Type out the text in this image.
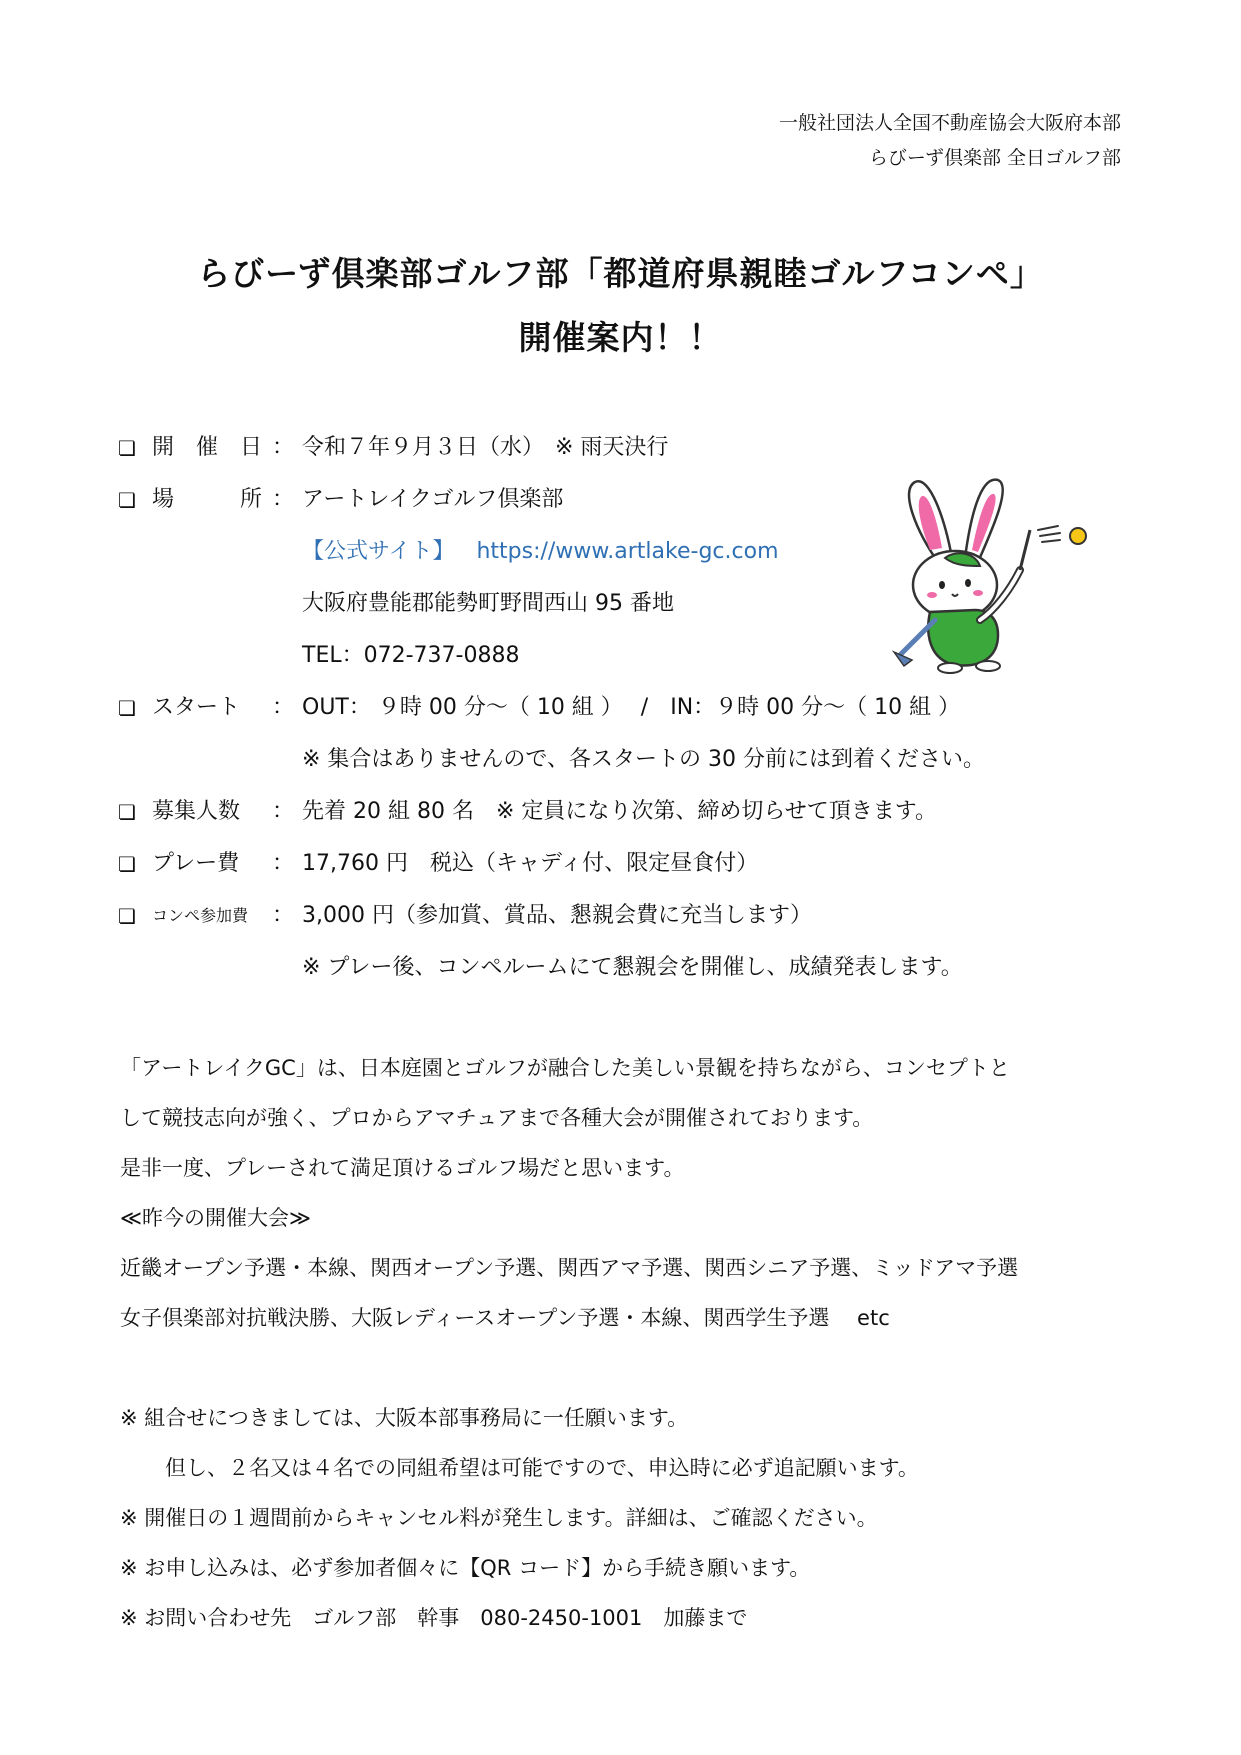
一般社団法人全国不動産協会大阪府本部
らびーず倶楽部 全日ゴルフ部
らびーず倶楽部ゴルフ部「都道府県親睦ゴルフコンペ」
開催案内！！
❏ 開　催　日 ： 令和７年９月３日（水）　※ 雨天決行
❏ 場　　　所 ： アートレイクゴルフ倶楽部
【公式サイト】 https://www.artlake-gc.com
大阪府豊能郡能勢町野間西山 95 番地
TEL：072-737-0888
❏ スタート ： OUT： ９時 00 分～（ 10 組 ）　 /　IN：９時 00 分～（ 10 組 ）
※ 集合はありませんので、各スタートの 30 分前には到着ください。
❏ 募集人数 ： 先着 20 組 80 名　※ 定員になり次第、締め切らせて頂きます。
❏ プレー費 ： 17,760 円　税込（キャディ付、限定昼食付）
❏ コンペ参加費 ： 3,000 円（参加賞、賞品、懇親会費に充当します）
※ プレー後、コンペルームにて懇親会を開催し、成績発表します。
「アートレイクGC」は、日本庭園とゴルフが融合した美しい景観を持ちながら、コンセプトと
して競技志向が強く、プロからアマチュアまで各種大会が開催されております。
是非一度、プレーされて満足頂けるゴルフ場だと思います。
≪昨今の開催大会≫
近畿オープン予選・本線、関西オープン予選、関西アマ予選、関西シニア予選、ミッドアマ予選
女子倶楽部対抗戦決勝、大阪レディースオープン予選・本線、関西学生予選　 etc
※ 組合せにつきましては、大阪本部事務局に一任願います。
但し、２名又は４名での同組希望は可能ですので、申込時に必ず追記願います。
※ 開催日の１週間前からキャンセル料が発生します。詳細は、ご確認ください。
※ お申し込みは、必ず参加者個々に【QR コード】から手続き願います。
※ お問い合わせ先　ゴルフ部　幹事　080-2450-1001　加藤まで
